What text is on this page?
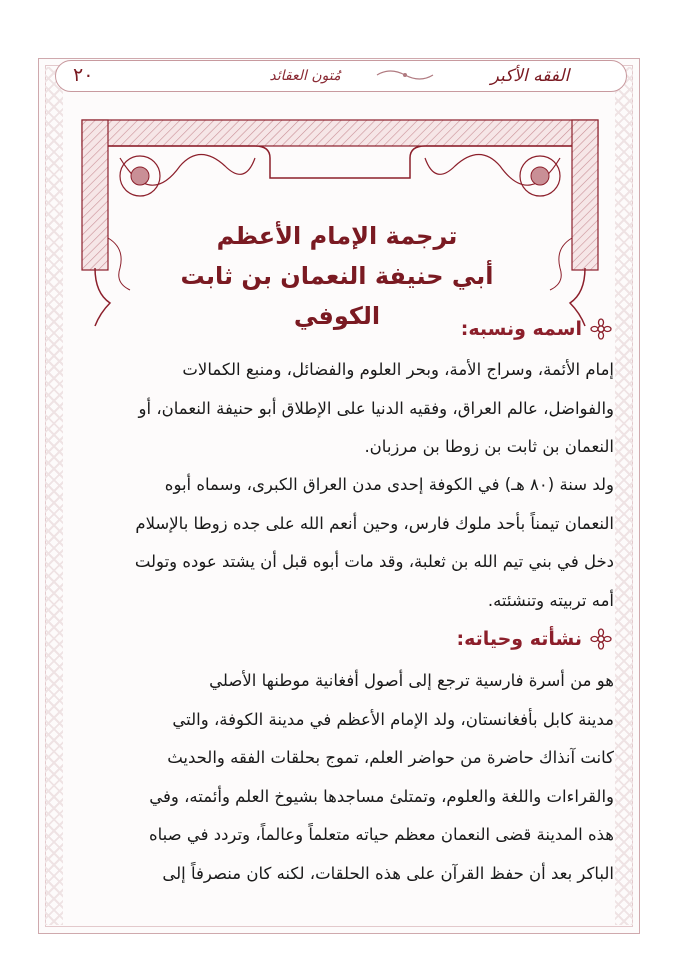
٢٠	مُتون العقائد	الفقه الأكبر
ترجمة الإمام الأعظم
أبي حنيفة النعمان بن ثابت الكوفي	اسمه ونسبه:
إمام الأئمة، وسراج الأمة، وبحر العلوم والفضائل، ومنبع الكمالات
والفواضل، عالم العراق، وفقيه الدنيا على الإطلاق أبو حنيفة النعمان، أو
النعمان بن ثابت بن زوطا بن مرزبان.
ولد سنة (٨٠ هـ) في الكوفة إحدى مدن العراق الكبرى، وسماه أبوه
النعمان تيمناً بأحد ملوك فارس، وحين أنعم الله على جده زوطا بالإسلام
دخل في بني تيم الله بن ثعلبة، وقد مات أبوه قبل أن يشتد عوده وتولت
أمه تربيته وتنشئته.
نشأته وحياته:
هو من أسرة فارسية ترجع إلى أصول أفغانية موطنها الأصلي
مدينة كابل بأفغانستان، ولد الإمام الأعظم في مدينة الكوفة، والتي
كانت آنذاك حاضرة من حواضر العلم، تموج بحلقات الفقه والحديث
والقراءات واللغة والعلوم، وتمتلئ مساجدها بشيوخ العلم وأئمته، وفي
هذه المدينة قضى النعمان معظم حياته متعلماً وعالماً، وتردد في صباه
الباكر بعد أن حفظ القرآن على هذه الحلقات، لكنه كان منصرفاً إلى
